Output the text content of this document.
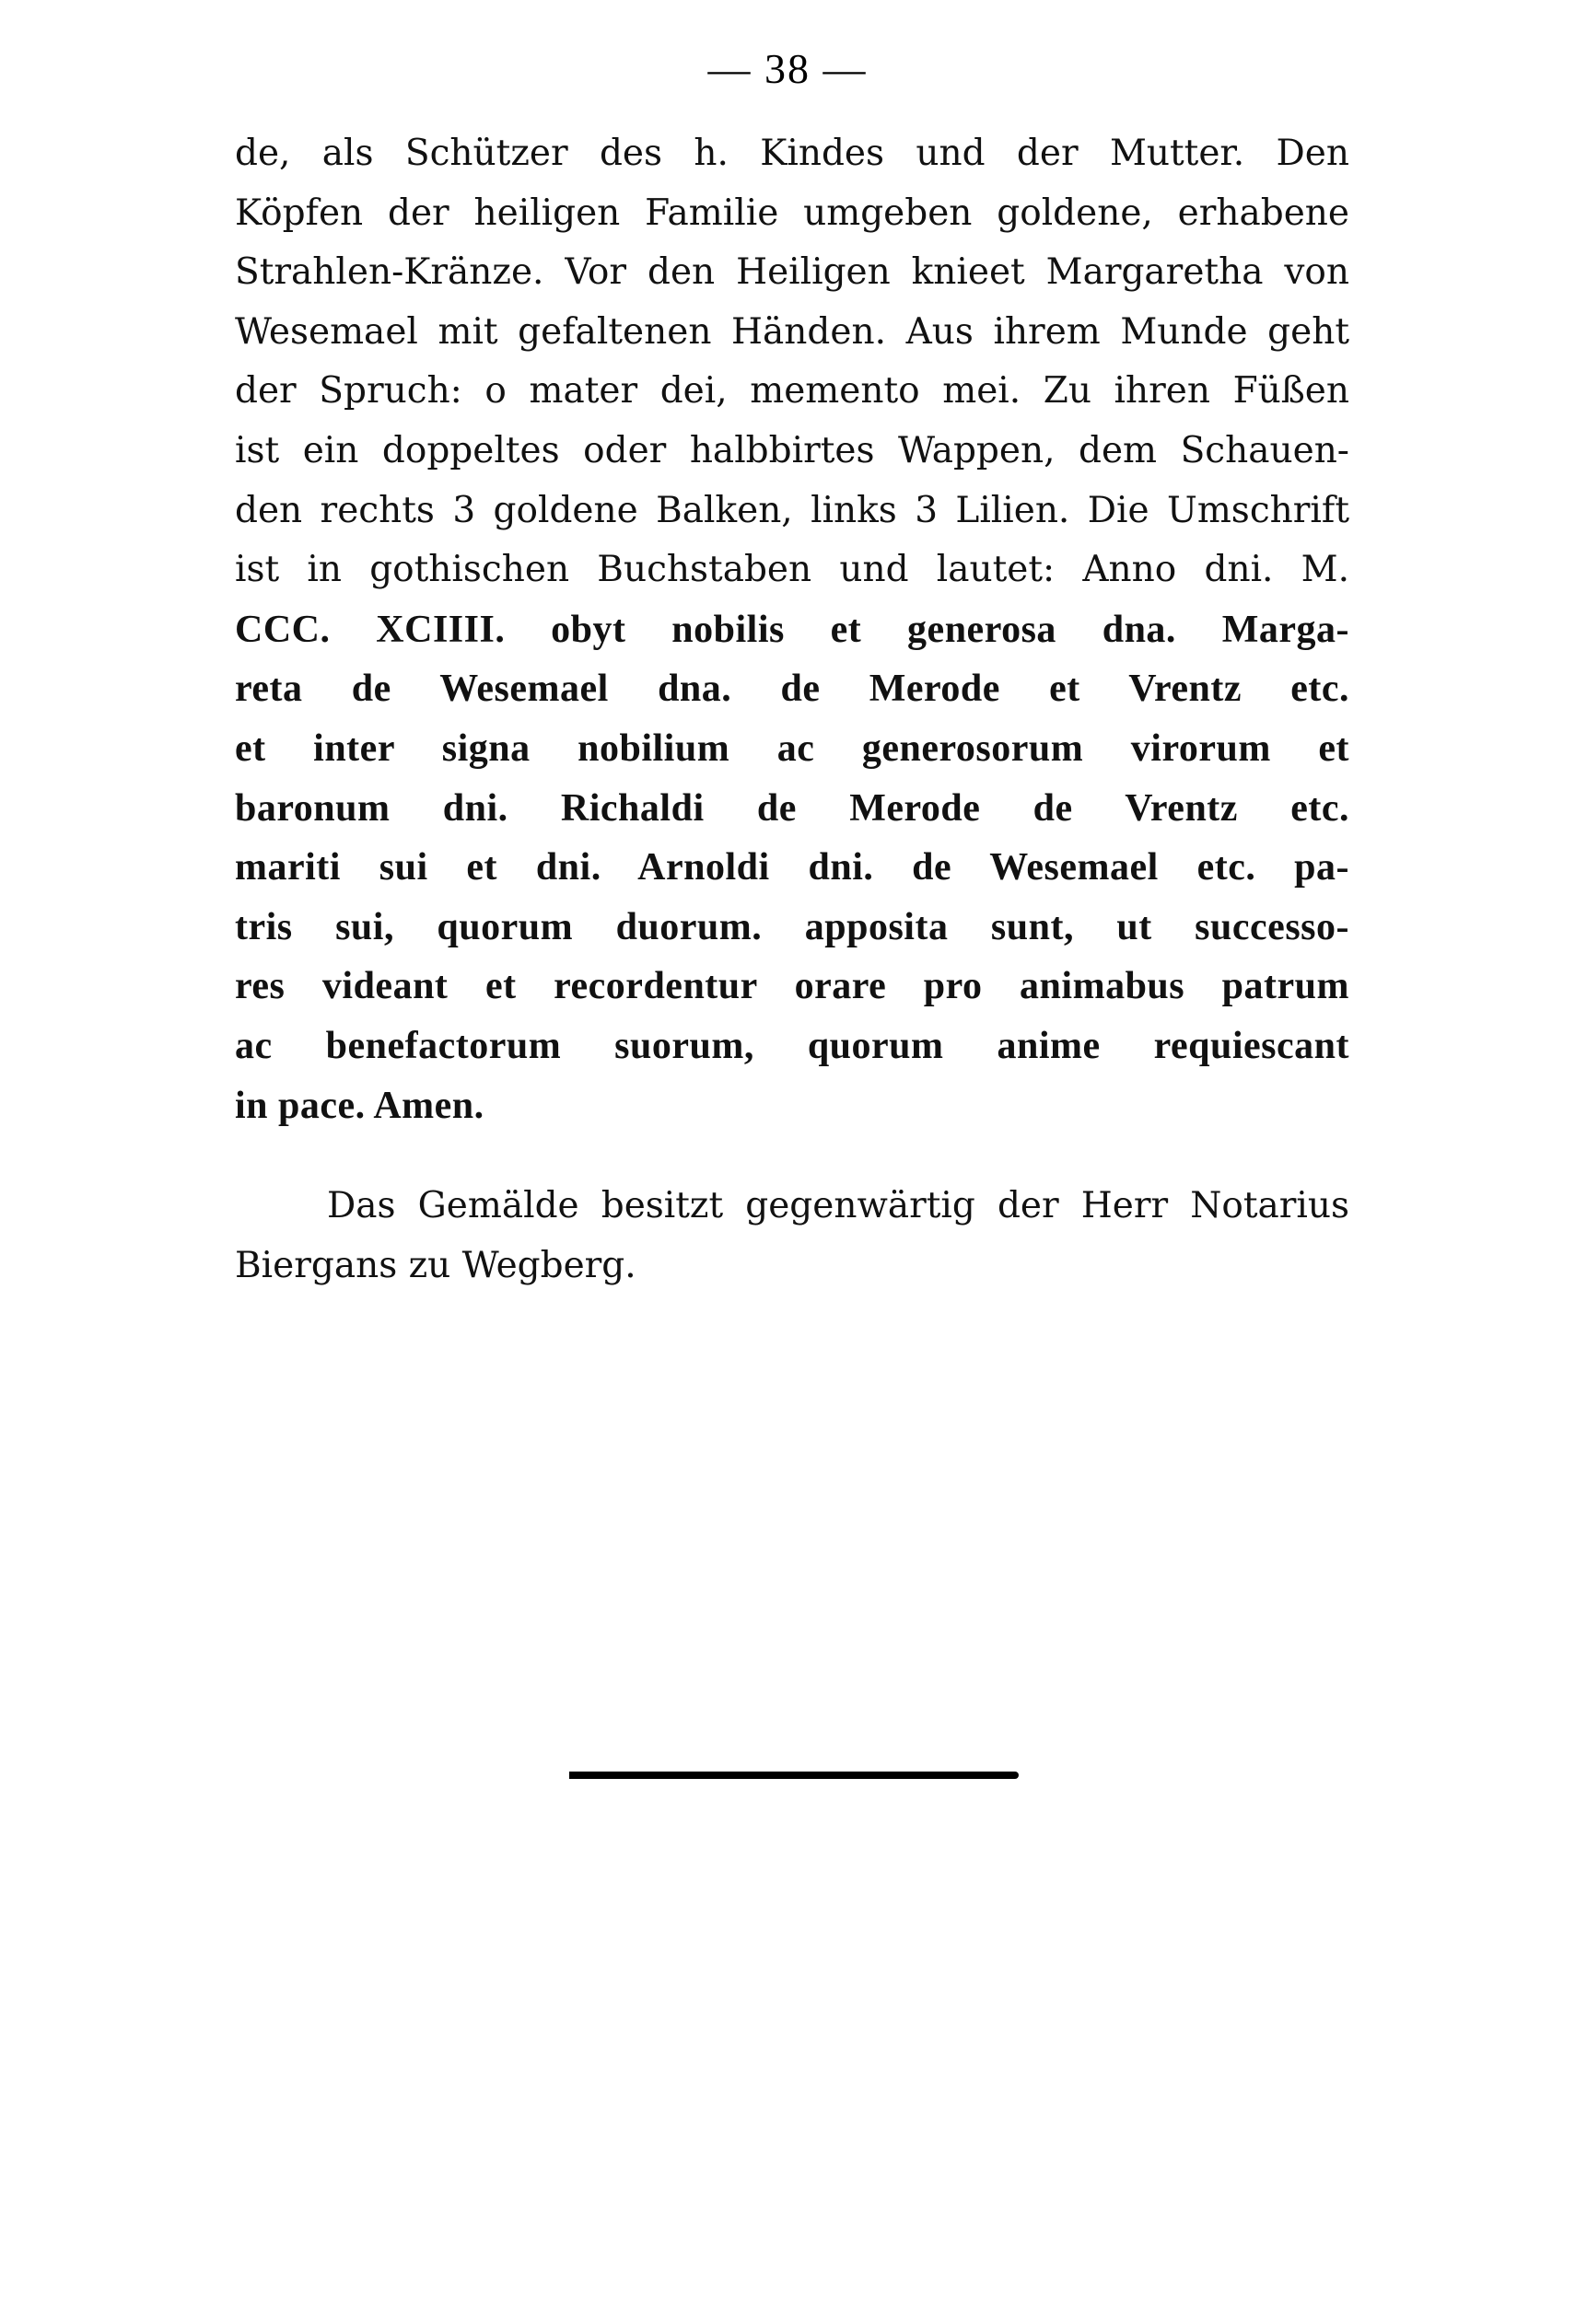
— 38 —
de, als Schützer des h. Kindes und der Mutter. Den
Köpfen der heiligen Familie umgeben goldene, erhabene
Strahlen-Kränze. Vor den Heiligen knieet Margaretha von
Wesemael mit gefaltenen Händen. Aus ihrem Munde geht
der Spruch: o mater dei, memento mei. Zu ihren Füßen
ist ein doppeltes oder halbbirtes Wappen, dem Schauen-
den rechts 3 goldene Balken, links 3 Lilien. Die Umschrift
ist in gothischen Buchstaben und lautet: Anno dni. M.
CCC. XCIIII. obyt nobilis et generosa dna. Marga-
reta de Wesemael dna. de Merode et Vrentz etc.
et inter signa nobilium ac generosorum virorum et
baronum dni. Richaldi de Merode de Vrentz etc.
mariti sui et dni. Arnoldi dni. de Wesemael etc. pa-
tris sui, quorum duorum. apposita sunt, ut successo-
res videant et recordentur orare pro animabus patrum
ac benefactorum suorum, quorum anime requiescant
in pace. Amen.
Das Gemälde besitzt gegenwärtig der Herr Notarius
Biergans zu Wegberg.
